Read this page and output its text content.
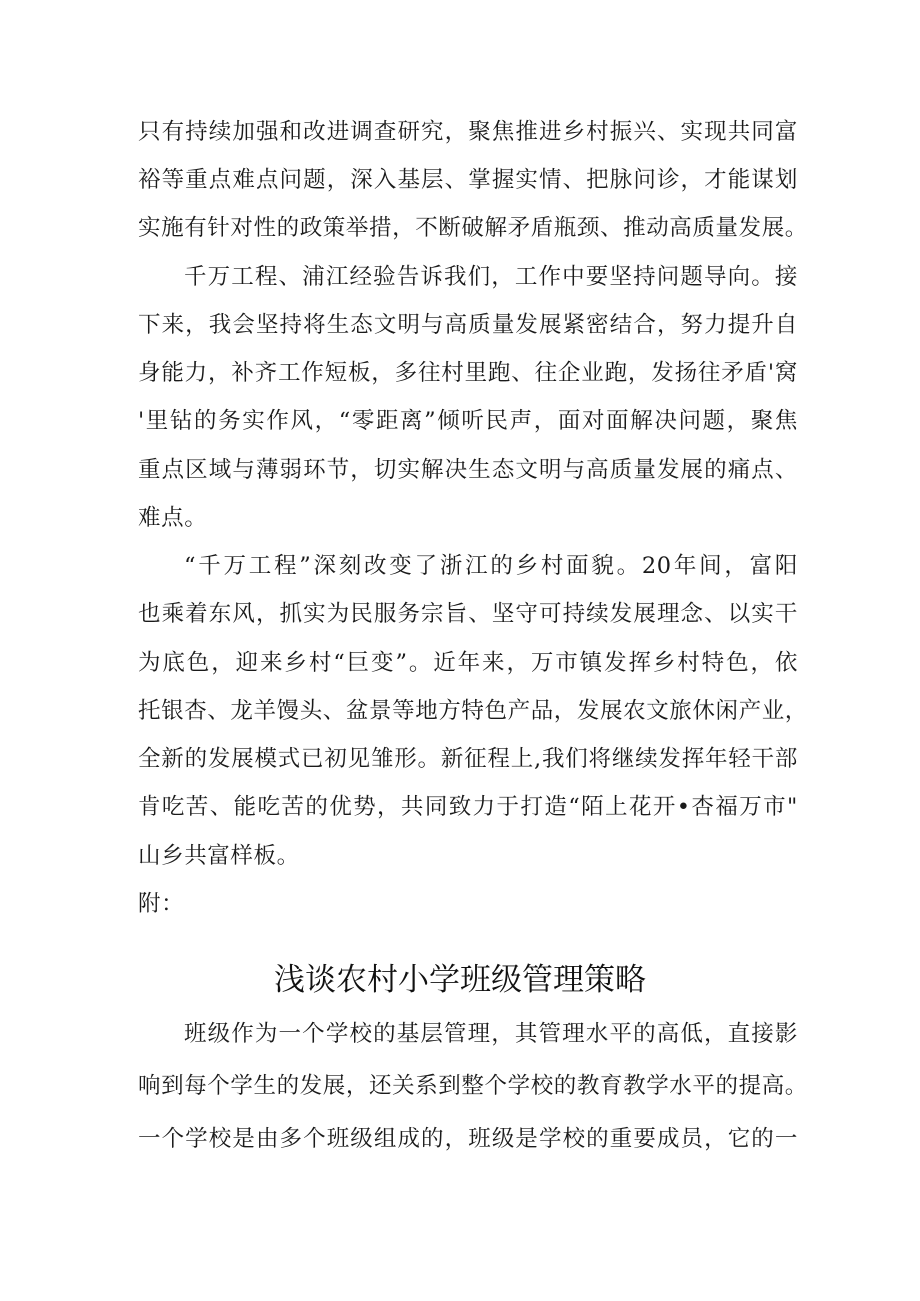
只有持续加强和改进调查研究，聚焦推进乡村振兴、实现共同富
裕等重点难点问题，深入基层、掌握实情、把脉问诊，才能谋划
实施有针对性的政策举措，不断破解矛盾瓶颈、推动高质量发展。
千万工程、浦江经验告诉我们，工作中要坚持问题导向。接
下来，我会坚持将生态文明与高质量发展紧密结合，努力提升自
身能力，补齐工作短板，多往村里跑、往企业跑，发扬往矛盾'窝
'里钻的务实作风，“零距离”倾听民声，面对面解决问题，聚焦
重点区域与薄弱环节，切实解决生态文明与高质量发展的痛点、
难点。
“千万工程”深刻改变了浙江的乡村面貌。20年间，富阳
也乘着东风，抓实为民服务宗旨、坚守可持续发展理念、以实干
为底色，迎来乡村“巨变”。近年来，万市镇发挥乡村特色，依
托银杏、龙羊馒头、盆景等地方特色产品，发展农文旅休闲产业，
全新的发展模式已初见雏形。新征程上,我们将继续发挥年轻干部
肯吃苦、能吃苦的优势，共同致力于打造“陌上花开•杏福万市"
山乡共富样板。
附：
浅谈农村小学班级管理策略
班级作为一个学校的基层管理，其管理水平的高低，直接影
响到每个学生的发展，还关系到整个学校的教育教学水平的提高。
一个学校是由多个班级组成的，班级是学校的重要成员，它的一
